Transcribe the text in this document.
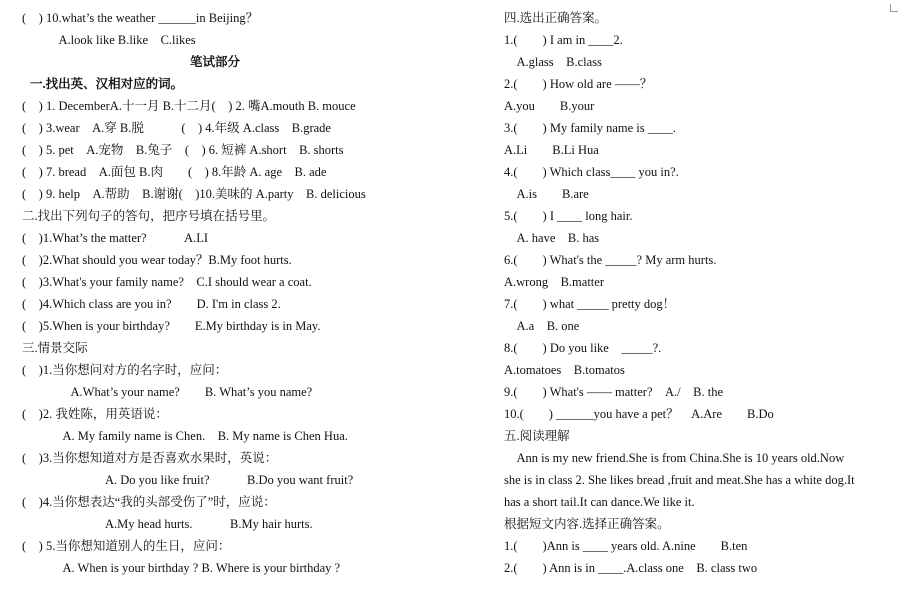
(　) 10.what’s the weather ______in Beijing？
　A.look like B.like　C.likes
笔试部分
一.找出英、汉相对应的词。
(　) 1. DecemberA.十一月 B.十二月(　) 2. 嘴A.mouth B. mouce
(　) 3.wear　A.穿 B.脱　　　(　) 4.年级 A.class　B.grade
(　) 5. pet　A.宠物　B.兔子　(　) 6. 短裤 A.short　B. shorts
(　) 7. bread　A.面包 B.肉　　(　) 8.年龄 A. age　B. ade
(　) 9. help　A.帮助　B.谢谢(　)10.美味的 A.party　B. delicious
二.找出下列句子的答句，把序号填在括号里。
(　)1.What’s the matter?　　　A.LI
(　)2.What should you wear today？B.My foot hurts.
(　)3.What's your family name?　C.I should wear a coat.
(　)4.Which class are you in?　　D. I'm in class 2.
(　)5.When is your birthday?　　E.My birthday is in May.
三.情景交际
(　)1.当你想问对方的名字时，应问：
　A.What’s your name?　　B. What’s you name?
(　)2. 我姓陈，用英语说：
　A. My family name is Chen.　B. My name is Chen Hua.
(　)3.当你想知道对方是否喜欢水果时，英说：
　　A. Do you like fruit?　　　B.Do you want fruit?
(　)4.当你想表达“我的头部受伤了”时，应说：
　　A.My head hurts.　　　B.My hair hurts.
(　) 5.当你想知道别人的生日，应问：
　A. When is your birthday ? B. Where is your birthday ?
四.选出正确答案。
1.(　　) I am in ____2.
　A.glass　B.class
2.(　　) How old are ——？
A.you　　B.your
3.(　　) My family name is ____.
A.Li　　B.Li Hua
4.(　　) Which class____ you in?.
　A.is　　B.are
5.(　　) I ____ long hair.
　A. have　B. has
6.(　　) What's the _____? My arm hurts.
A.wrong　B.matter
7.(　　) what _____ pretty dog！
　A.a　B. one
8.(　　) Do you like　_____?.
A.tomatoes　B.tomatos
9.(　　) What's —— matter?　A./　B. the
10.(　　) ______you have a pet？　A.Are　　B.Do
五.阅读理解
　Ann is my new friend.She is from China.She is 10 years old.Now
she is in class 2. She likes bread ,fruit and meat.She has a white dog.It
has a short tail.It can dance.We like it.
根据短文内容.选择正确答案。
1.(　　)Ann is ____ years old. A.nine　　B.ten
2.(　　) Ann is in ____.A.class one　B. class two
